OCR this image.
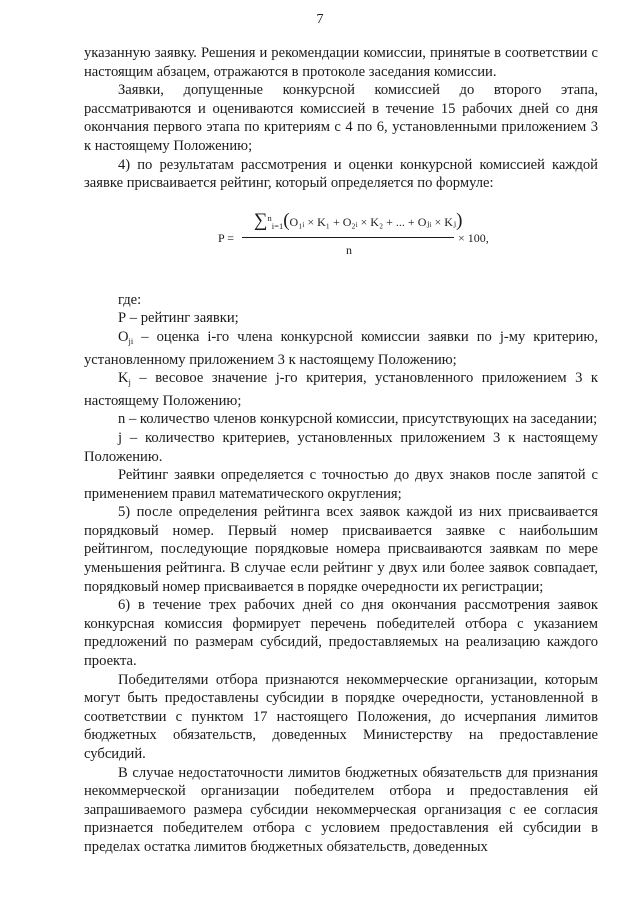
7

указанную заявку. Решения и рекомендации комиссии, принятые в соответствии с настоящим абзацем, отражаются в протоколе заседания комиссии.

Заявки, допущенные конкурсной комиссией до второго этапа, рассматриваются и оцениваются комиссией в течение 15 рабочих дней со дня окончания первого этапа по критериям с 4 по 6, установленными приложением 3 к настоящему Положению;

4) по результатам рассмотрения и оценки конкурсной комиссией каждой заявке присваивается рейтинг, который определяется по формуле:

P =
∑$^n_{i=1}$(O₁ᵢ × K₁ + O₂ᵢ × K₂ + ... + Oⱼᵢ × Kⱼ)
n
× 100,

где:

Р – рейтинг заявки;

$O_{ji}$ – оценка i-го члена конкурсной комиссии заявки по j-му критерию, установленному приложением 3 к настоящему Положению;

$K_j$ – весовое значение j-го критерия, установленного приложением 3 к настоящему Положению;

n – количество членов конкурсной комиссии, присутствующих на заседании;

j – количество критериев, установленных приложением 3 к настоящему Положению.

Рейтинг заявки определяется с точностью до двух знаков после запятой с применением правил математического округления;

5) после определения рейтинга всех заявок каждой из них присваивается порядковый номер. Первый номер присваивается заявке с наибольшим рейтингом, последующие порядковые номера присваиваются заявкам по мере уменьшения рейтинга. В случае если рейтинг у двух или более заявок совпадает, порядковый номер присваивается в порядке очередности их регистрации;

6) в течение трех рабочих дней со дня окончания рассмотрения заявок конкурсная комиссия формирует перечень победителей отбора с указанием предложений по размерам субсидий, предоставляемых на реализацию каждого проекта.

Победителями отбора признаются некоммерческие организации, которым могут быть предоставлены субсидии в порядке очередности, установленной в соответствии с пунктом 17 настоящего Положения, до исчерпания лимитов бюджетных обязательств, доведенных Министерству на предоставление субсидий.

В случае недостаточности лимитов бюджетных обязательств для признания некоммерческой организации победителем отбора и предоставления ей запрашиваемого размера субсидии некоммерческая организация с ее согласия признается победителем отбора с условием предоставления ей субсидии в пределах остатка лимитов бюджетных обязательств, доведенных
